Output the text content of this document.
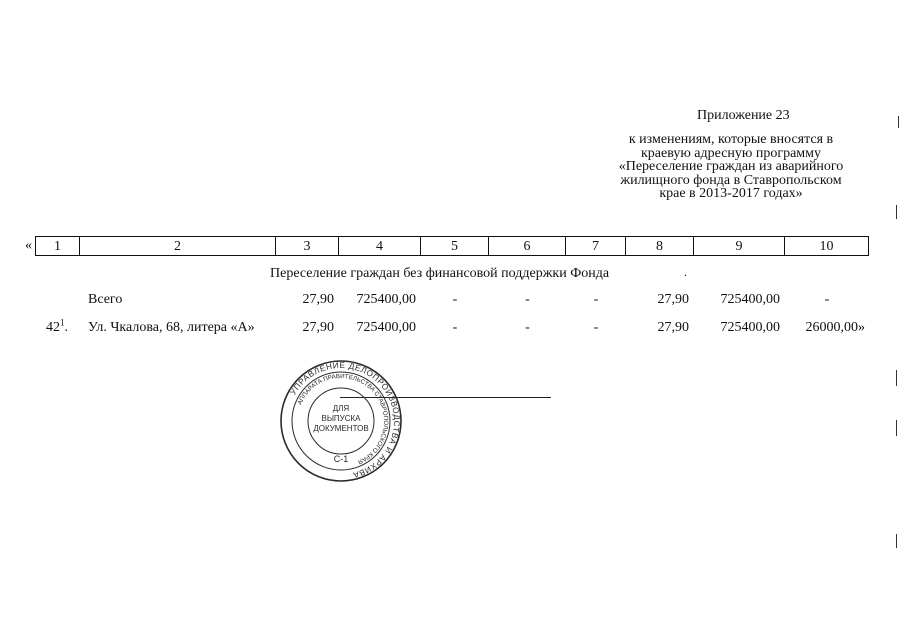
Приложение 23
к изменениям, которые вносятся в
краевую адресную программу
«Переселение граждан из аварийного
жилищного фонда в Ставропольском
крае в 2013-2017 годах»
«	1	2	3	4	5	6	7	8	9	10
Переселение граждан без финансовой поддержки Фонда	.
Всего	27,90	725400,00	-	-	-	27,90	725400,00	-
$42^1$. Ул. Чкалова, 68, литера «А»	27,90	725400,00	-	-	-	27,90	725400,00	26000,00»
УПРАВЛЕНИЕ ДЕЛОПРОИЗВОДСТВА И АРХИВА
АППАРАТА ПРАВИТЕЛЬСТВА СТАВРОПОЛЬСКОГО КРАЯ
ДЛЯ
ВЫПУСКА
ДОКУМЕНТОВ
С-1
